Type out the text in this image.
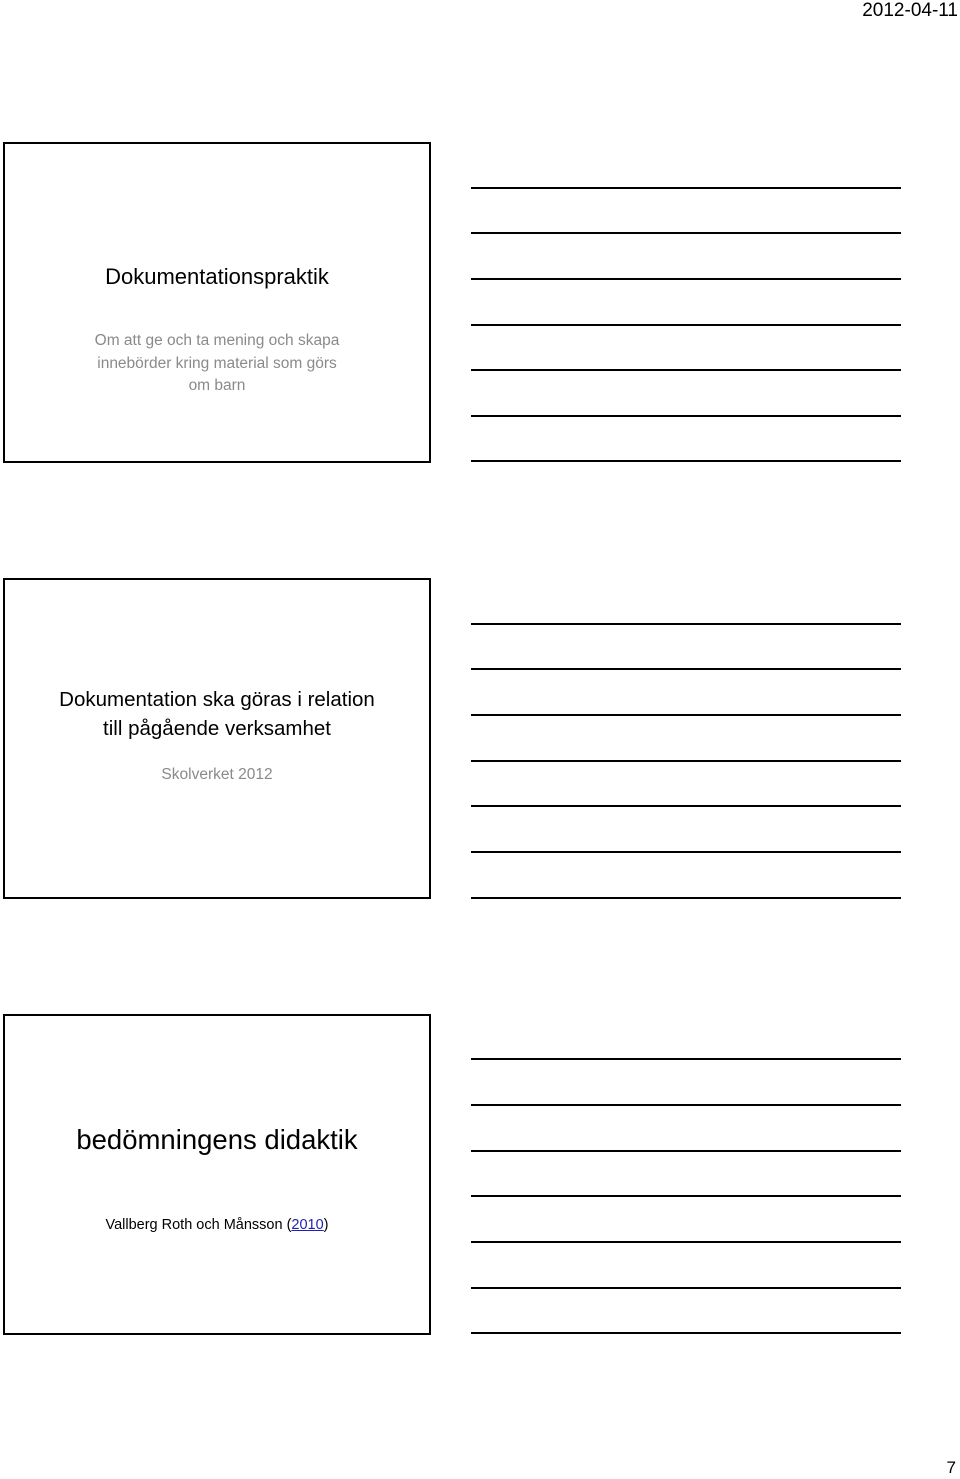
2012-04-11
Dokumentationspraktik
Om att ge och ta mening och skapa
innebörder kring material som görs
om barn
Dokumentation ska göras i relation
till pågående verksamhet
Skolverket 2012
bedömningens didaktik
Vallberg Roth och Månsson (2010)
7
